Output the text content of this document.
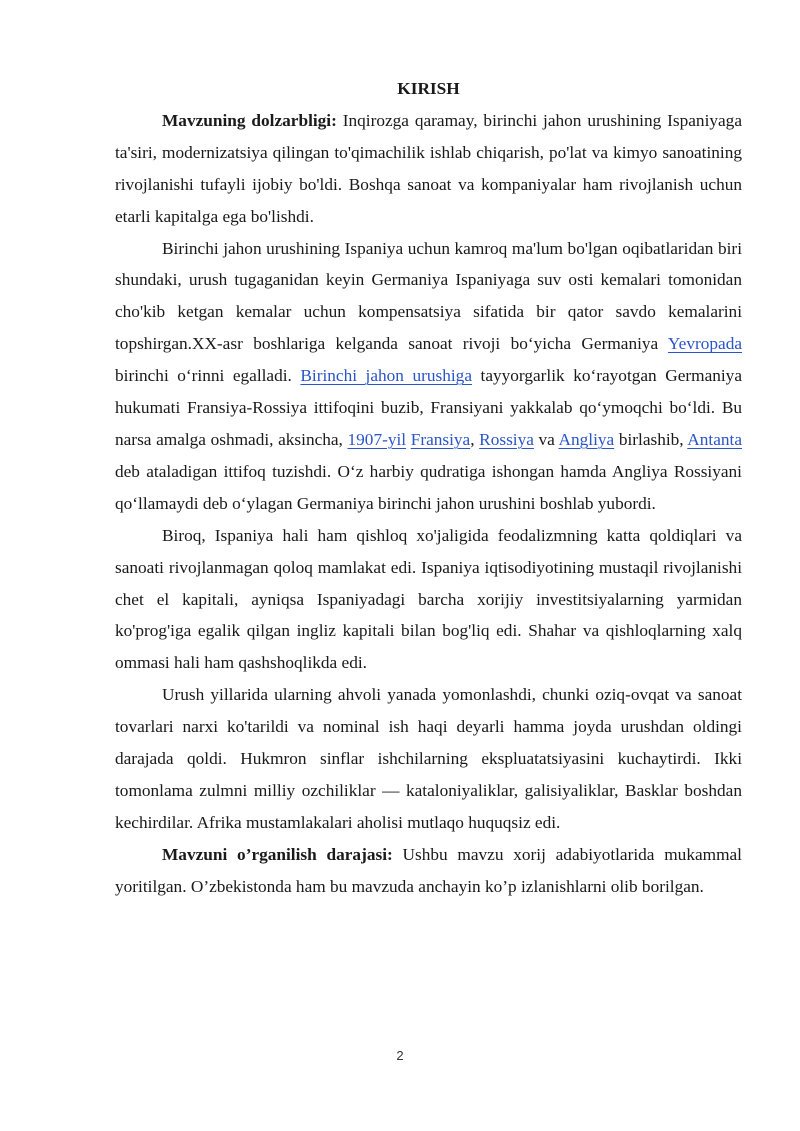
KIRISH

Mavzuning dolzarbligi: Inqirozga qaramay, birinchi jahon urushining Ispaniyaga ta'siri, modernizatsiya qilingan to'qimachilik ishlab chiqarish, po'lat va kimyo sanoatining rivojlanishi tufayli ijobiy bo'ldi. Boshqa sanoat va kompaniyalar ham rivojlanish uchun etarli kapitalga ega bo'lishdi.

Birinchi jahon urushining Ispaniya uchun kamroq ma'lum bo'lgan oqibatlaridan biri shundaki, urush tugaganidan keyin Germaniya Ispaniyaga suv osti kemalari tomonidan cho'kib ketgan kemalar uchun kompensatsiya sifatida bir qator savdo kemalarini topshirgan.XX-asr boshlariga kelganda sanoat rivoji bo‘yicha Germaniya Yevropada birinchi o‘rinni egalladi. Birinchi jahon urushiga tayyorgarlik ko‘rayotgan Germaniya hukumati Fransiya-Rossiya ittifoqini buzib, Fransiyani yakkalab qo‘ymoqchi bo‘ldi. Bu narsa amalga oshmadi, aksincha, 1907-yil Fransiya, Rossiya va Angliya birlashib, Antanta deb ataladigan ittifoq tuzishdi. O‘z harbiy qudratiga ishongan hamda Angliya Rossiyani qo‘llamaydi deb o‘ylagan Germaniya birinchi jahon urushini boshlab yubordi.

Biroq, Ispaniya hali ham qishloq xo'jaligida feodalizmning katta qoldiqlari va sanoati rivojlanmagan qoloq mamlakat edi. Ispaniya iqtisodiyotining mustaqil rivojlanishi chet el kapitali, ayniqsa Ispaniyadagi barcha xorijiy investitsiyalarning yarmidan ko'prog'iga egalik qilgan ingliz kapitali bilan bog'liq edi. Shahar va qishloqlarning xalq ommasi hali ham qashshoqlikda edi.

Urush yillarida ularning ahvoli yanada yomonlashdi, chunki oziq-ovqat va sanoat tovarlari narxi ko'tarildi va nominal ish haqi deyarli hamma joyda urushdan oldingi darajada qoldi. Hukmron sinflar ishchilarning ekspluatatsiyasini kuchaytirdi. Ikki tomonlama zulmni milliy ozchiliklar — kataloniyaliklar, galisiyaliklar, Basklar boshdan kechirdilar. Afrika mustamlakalari aholisi mutlaqo huquqsiz edi.

Mavzuni o’rganilish darajasi: Ushbu mavzu xorij adabiyotlarida mukammal yoritilgan. O’zbekistonda ham bu mavzuda anchayin ko’p izlanishlarni olib borilgan.

2
